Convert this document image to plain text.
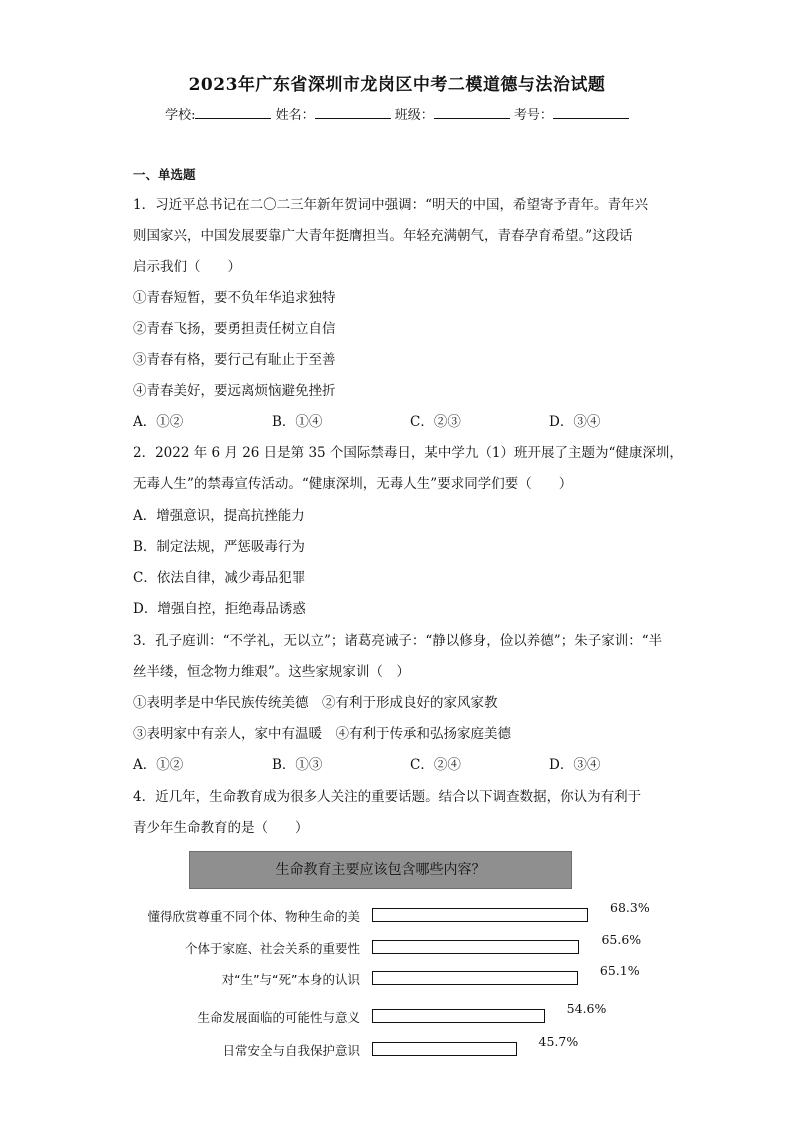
2023年广东省深圳市龙岗区中考二模道德与法治试题
学校:	姓名：	班级：	考号：
一、单选题
1．习近平总书记在二〇二三年新年贺词中强调：“明天的中国，希望寄予青年。青年兴
则国家兴，中国发展要靠广大青年挺膺担当。年轻充满朝气，青春孕育希望。”这段话
启示我们（　　）
①青春短暂，要不负年华追求独特
②青春飞扬，要勇担责任树立自信
③青春有格，要行己有耻止于至善
④青春美好，要远离烦恼避免挫折
A．①②	B．①④	C．②③	D．③④
2．2022 年 6 月 26 日是第 35 个国际禁毒日，某中学九（1）班开展了主题为“健康深圳，
无毒人生”的禁毒宣传活动。“健康深圳，无毒人生”要求同学们要（　　）
A．增强意识，提高抗挫能力
B．制定法规，严惩吸毒行为
C．依法自律，减少毒品犯罪
D．增强自控，拒绝毒品诱惑
3．孔子庭训：“不学礼，无以立”；诸葛亮诫子：“静以修身，俭以养德”；朱子家训：“半
丝半缕，恒念物力维艰”。这些家规家训（　）
①表明孝是中华民族传统美德　②有利于形成良好的家风家教
③表明家中有亲人，家中有温暖　④有利于传承和弘扬家庭美德
A．①②	B．①③	C．②④	D．③④
4．近几年，生命教育成为很多人关注的重要话题。结合以下调查数据，你认为有利于
青少年生命教育的是（　　）
生命教育主要应该包含哪些内容？
懂得欣赏尊重不同个体、物种生命的美
68.3%
个体于家庭、社会关系的重要性
65.6%
对“生”与“死”本身的认识
65.1%
生命发展面临的可能性与意义
54.6%
日常安全与自我保护意识
45.7%
